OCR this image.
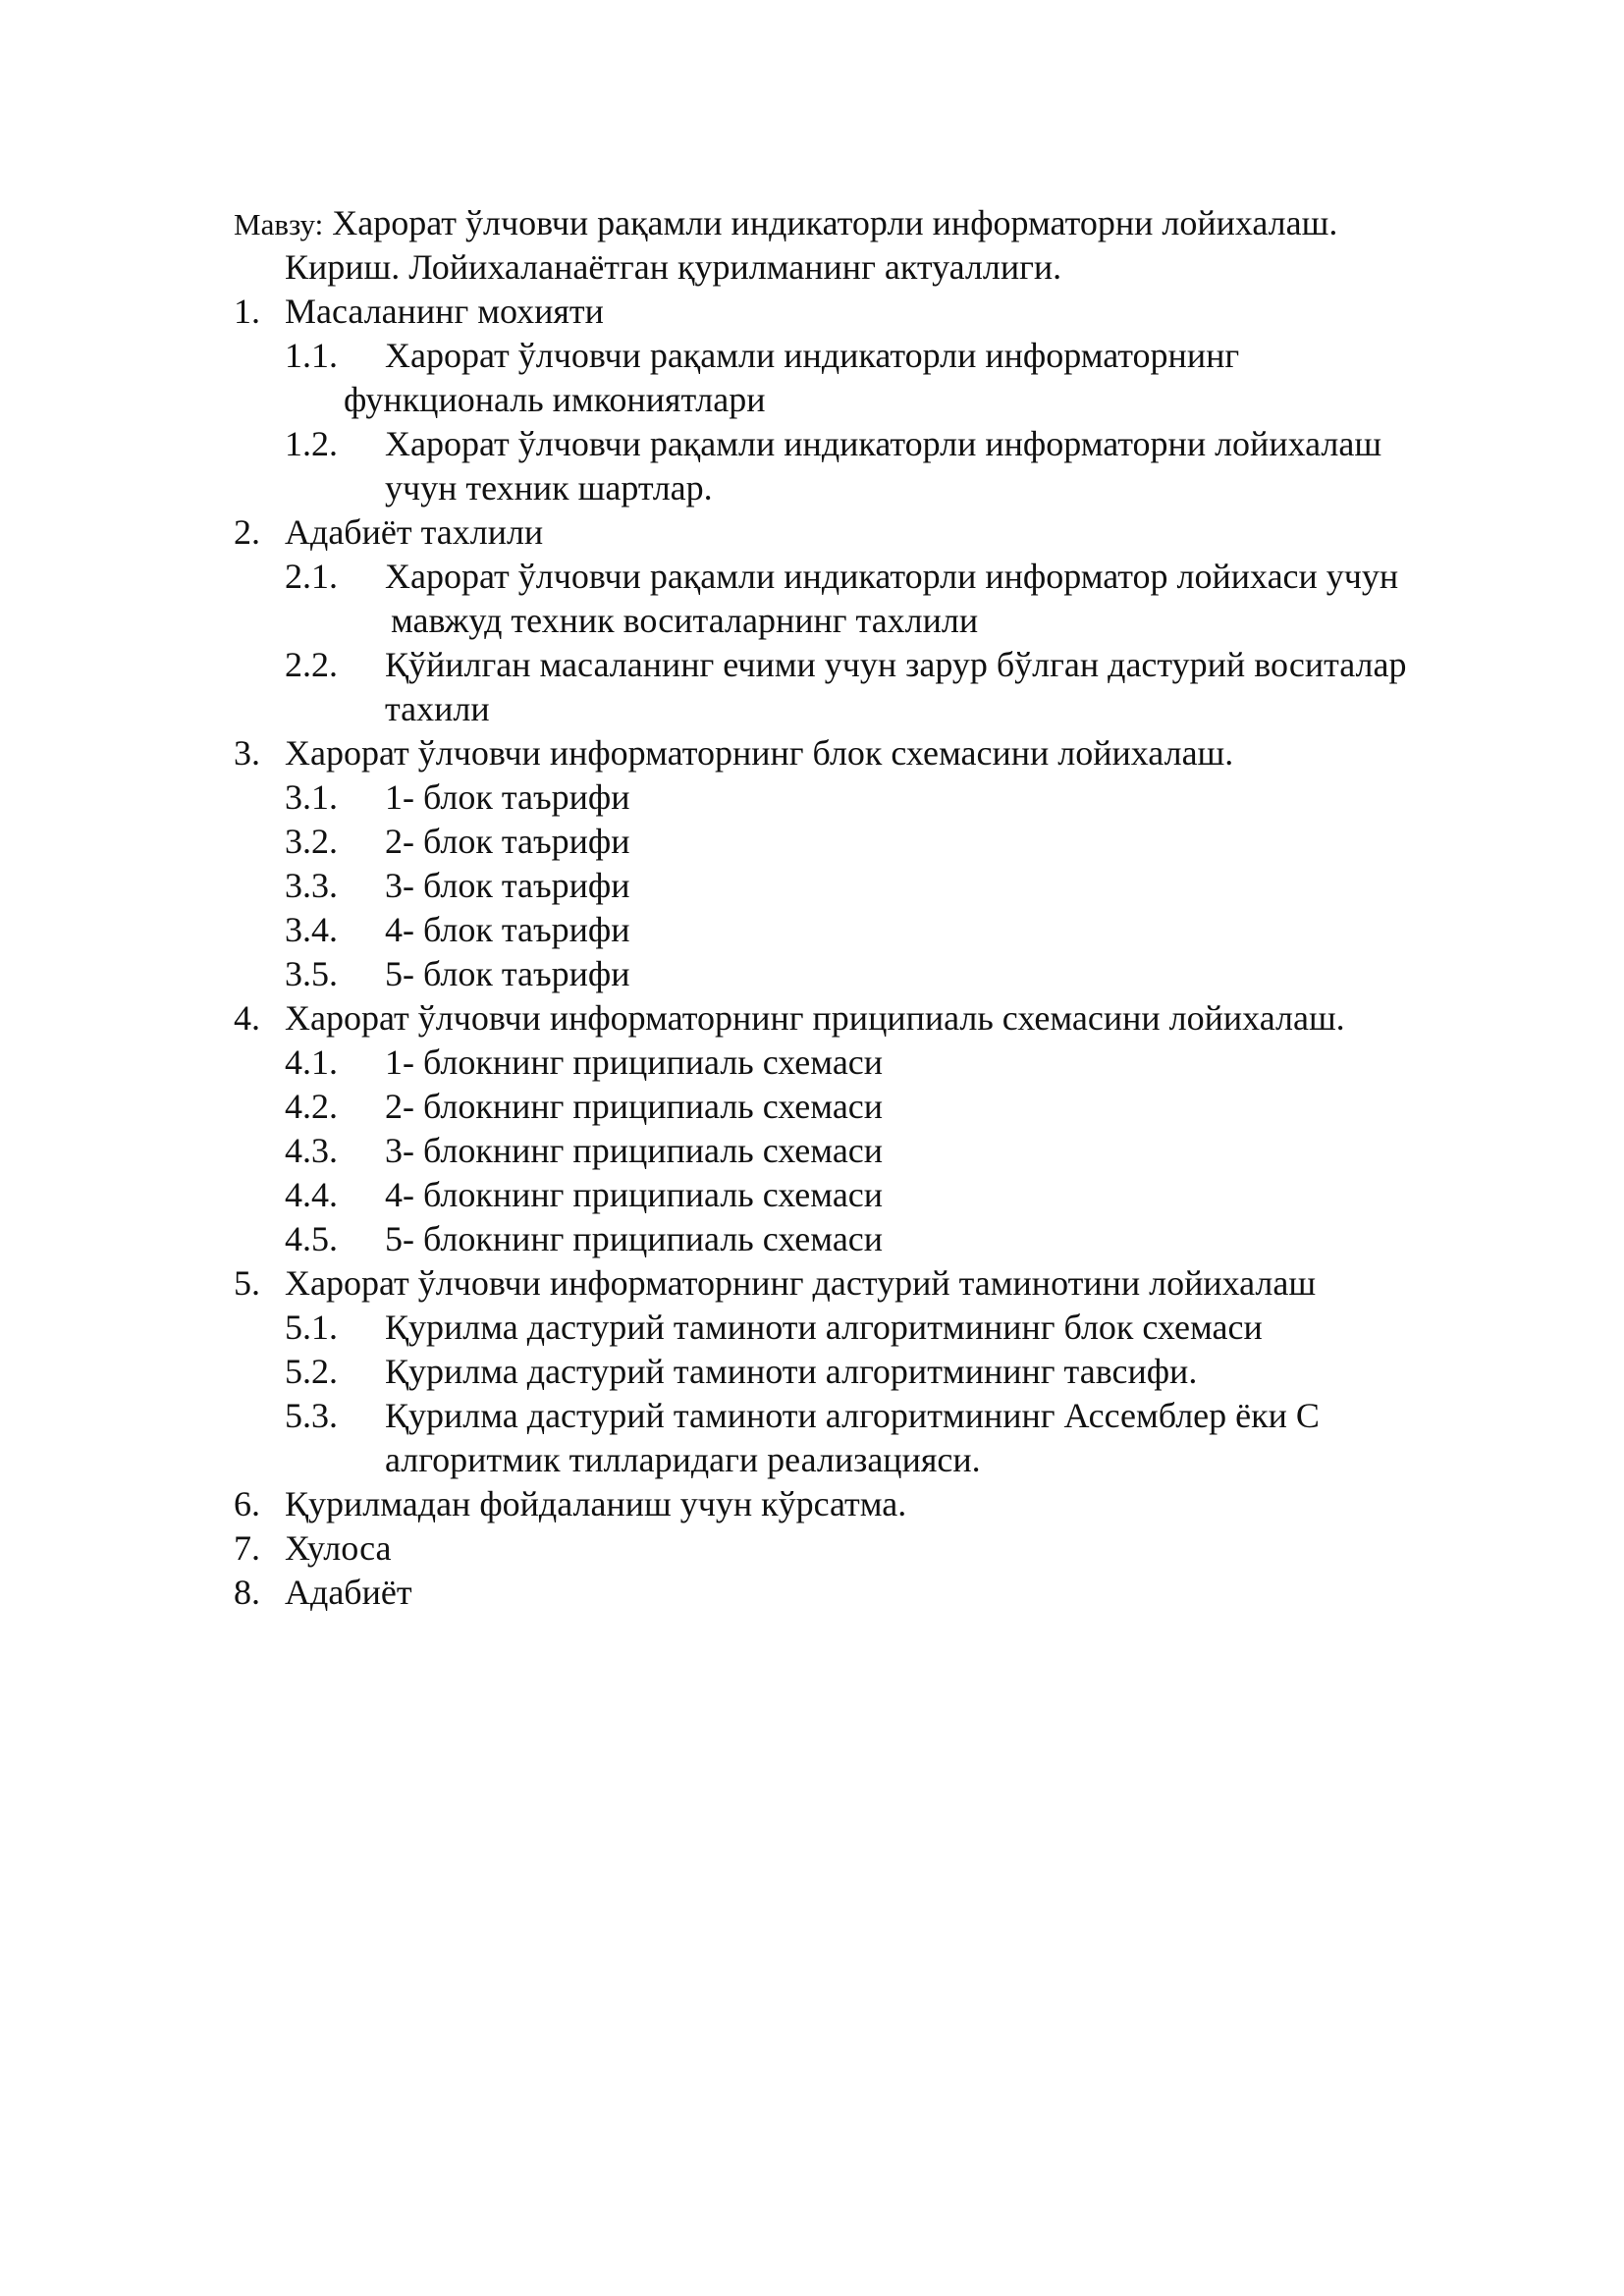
Мавзу: Харорат ўлчовчи рақамли индикаторли информаторни лойихалаш.
Кириш. Лойихаланаётган қурилманинг актуаллиги.
1. Масаланинг мохияти
1.1. Харорат ўлчовчи рақамли индикаторли информаторнинг
функциональ имкониятлари
1.2. Харорат ўлчовчи рақамли индикаторли информаторни лойихалаш
учун техник шартлар.
2. Адабиёт тахлили
2.1. Харорат ўлчовчи рақамли индикаторли информатор лойихаси учун
мавжуд техник воситаларнинг тахлили
2.2. Қўйилган масаланинг ечими учун зарур бўлган дастурий воситалар
тахили
3. Харорат ўлчовчи информаторнинг блок схемасини лойихалаш.
3.1. 1- блок таърифи
3.2. 2- блок таърифи
3.3. 3- блок таърифи
3.4. 4- блок таърифи
3.5. 5- блок таърифи
4. Харорат ўлчовчи информаторнинг приципиаль схемасини лойихалаш.
4.1. 1- блокнинг приципиаль схемаси
4.2. 2- блокнинг приципиаль схемаси
4.3. 3- блокнинг приципиаль схемаси
4.4. 4- блокнинг приципиаль схемаси
4.5. 5- блокнинг приципиаль схемаси
5. Харорат ўлчовчи информаторнинг дастурий таминотини лойихалаш
5.1. Қурилма дастурий таминоти алгоритмининг блок схемаси
5.2. Қурилма дастурий таминоти алгоритмининг тавсифи.
5.3. Қурилма дастурий таминоти алгоритмининг Ассемблер ёки С
алгоритмик тилларидаги реализацияси.
6. Қурилмадан фойдаланиш учун кўрсатма.
7. Хулоса
8. Адабиёт
